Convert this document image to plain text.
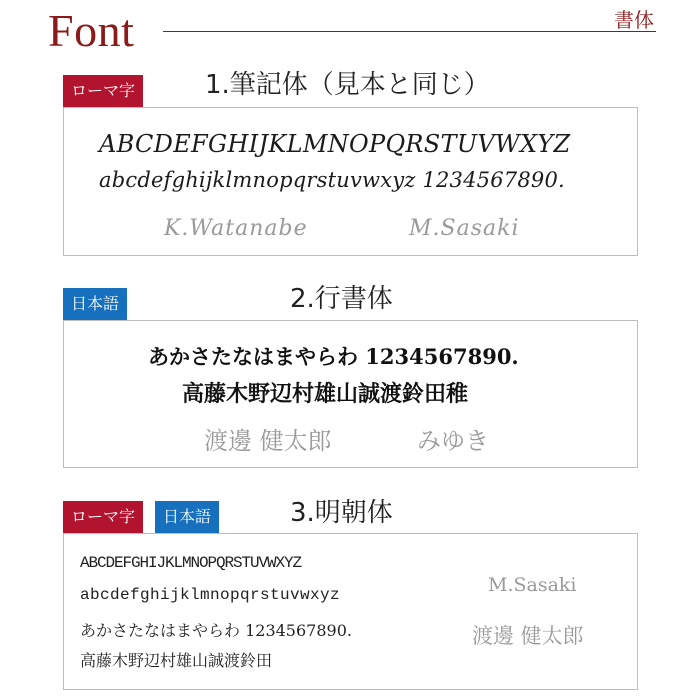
Font	書体
ローマ字	1.筆記体（見本と同じ）
ABCDEFGHIJKLMNOPQRSTUVWXYZ
abcdefghijklmnopqrstuvwxyz 1234567890.
K.Watanabe	M.Sasaki
日本語	2.行書体
あかさたなはまやらわ 1234567890.
高藤木野辺村雄山誠渡鈴田稚
渡邊 健太郎	みゆき
ローマ字	日本語	3.明朝体
ABCDEFGHIJKLMNOPQRSTUVWXYZ
abcdefghijklmnopqrstuvwxyz
あかさたなはまやらわ 1234567890.
高藤木野辺村雄山誠渡鈴田
M.Sasaki
渡邊 健太郎
